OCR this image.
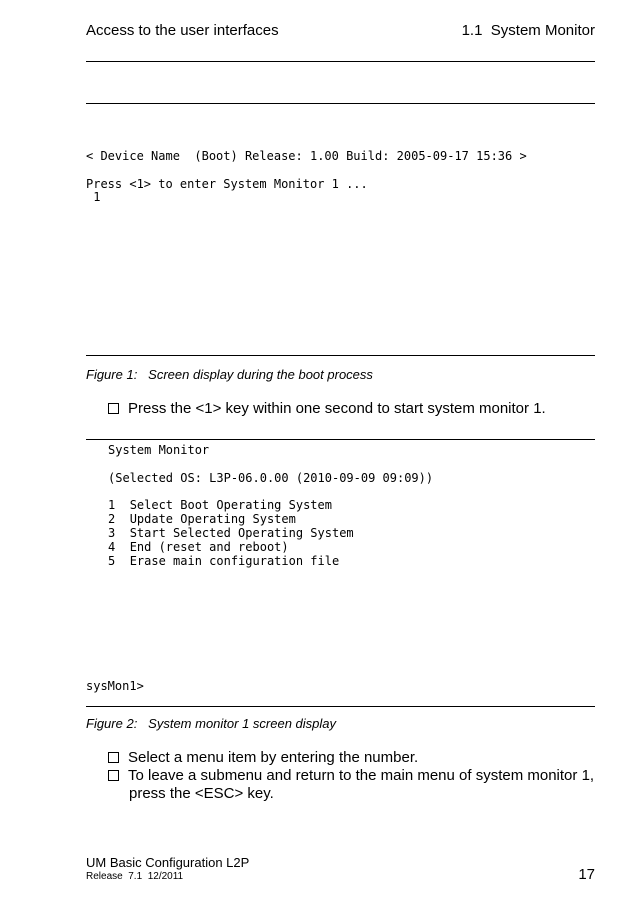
Access to the user interfaces	1.1 System Monitor
< Device Name  (Boot) Release: 1.00 Build: 2005-09-17 15:36 >
Press <1> to enter System Monitor 1 ...
1
Figure 1: Screen display during the boot process
Press the <1> key within one second to start system monitor 1.
System Monitor
(Selected OS: L3P-06.0.00 (2010-09-09 09:09))
1 Select Boot Operating System
2 Update Operating System
3 Start Selected Operating System
4 End (reset and reboot)
5 Erase main configuration file
sysMon1>
Figure 2: System monitor 1 screen display
Select a menu item by entering the number.
To leave a submenu and return to the main menu of system monitor 1,
press the <ESC> key.
UM Basic Configuration L2P
Release  7.1  12/2011	17
